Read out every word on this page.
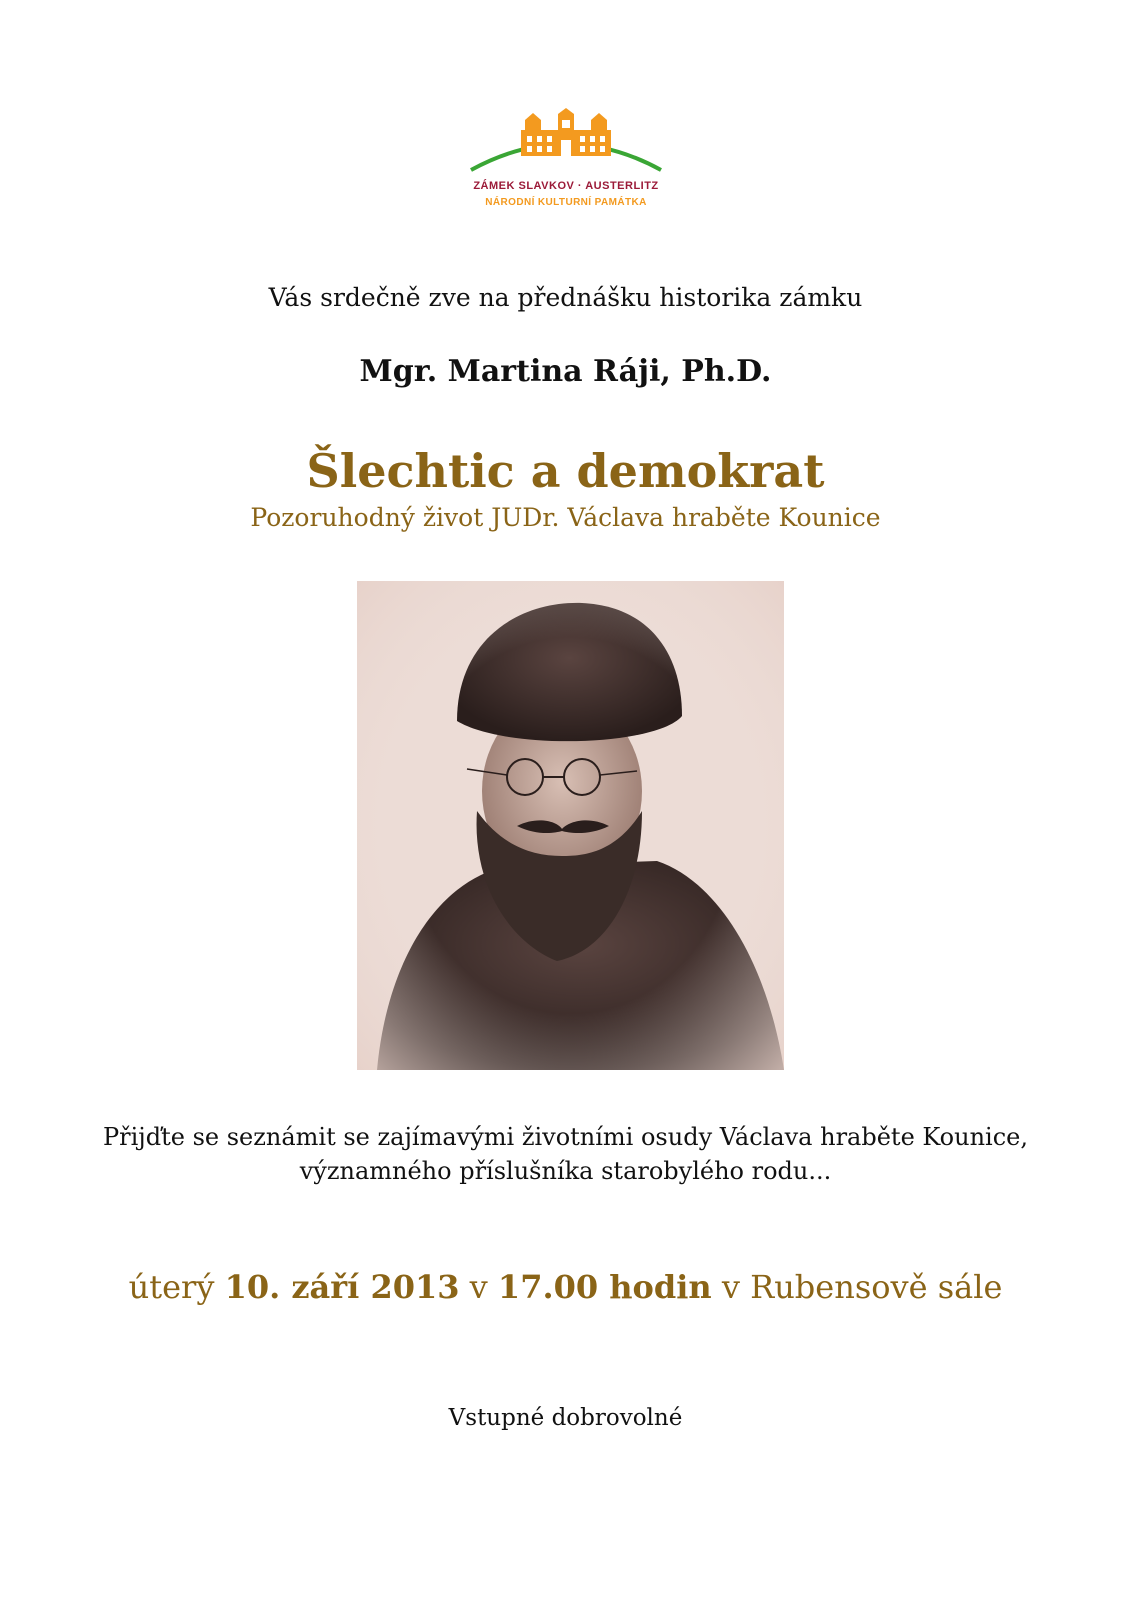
ZÁMEK SLAVKOV · AUSTERLITZ
NÁRODNÍ KULTURNÍ PAMÁTKA
Vás srdečně zve na přednášku historika zámku
Mgr. Martina Ráji, Ph.D.
Šlechtic a demokrat
Pozoruhodný život JUDr. Václava hraběte Kounice
Přijďte se seznámit se zajímavými životními osudy Václava hraběte Kounice,
významného příslušníka starobylého rodu...
úterý 10. září 2013 v 17.00 hodin v Rubensově sále
Vstupné dobrovolné
